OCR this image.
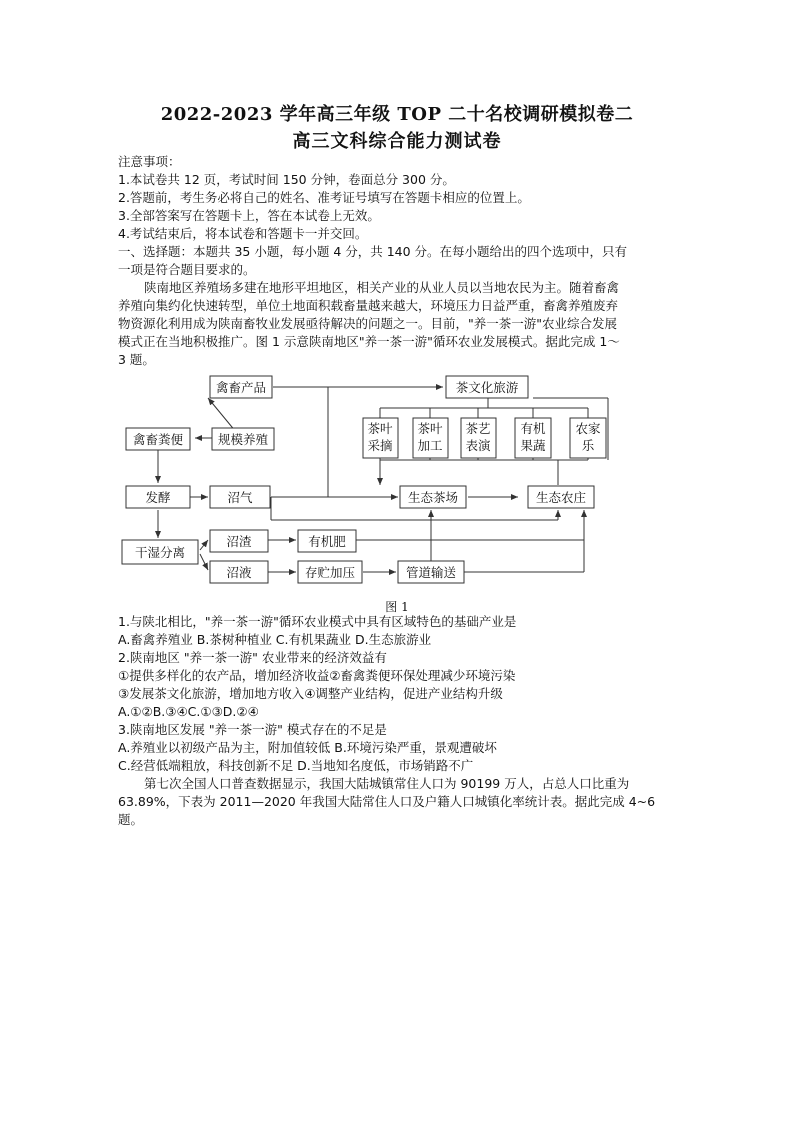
2022-2023 学年高三年级 TOP 二十名校调研模拟卷二
高三文科综合能力测试卷
注意事项：
1.本试卷共 12 页，考试时间 150 分钟，卷面总分 300 分。
2.答题前，考生务必将自己的姓名、准考证号填写在答题卡相应的位置上。
3.全部答案写在答题卡上，答在本试卷上无效。
4.考试结束后，将本试卷和答题卡一并交回。
一、选择题：本题共 35 小题，每小题 4 分，共 140 分。在每小题给出的四个选项中，只有
一项是符合题目要求的。
陕南地区养殖场多建在地形平坦地区，相关产业的从业人员以当地农民为主。随着畜禽
养殖向集约化快速转型，单位土地面积载畜量越来越大，环境压力日益严重，畜禽养殖废弃
物资源化利用成为陕南畜牧业发展亟待解决的问题之一。目前，"养一茶一游"农业综合发展
模式正在当地积极推广。图 1 示意陕南地区"养一茶一游"循环农业发展模式。据此完成 1～
3 题。
禽畜产品	茶文化旅游
禽畜粪便	规模养殖
茶叶
采摘
茶叶
加工
茶艺
表演
有机
果蔬
农家
乐
发酵	沼气	生态茶场	生态农庄
干湿分离
沼渣	有机肥
沼液	存贮加压	管道输送
图 1
1.与陕北相比，"养一茶一游"循环农业模式中具有区域特色的基础产业是
A.畜禽养殖业 B.茶树种植业 C.有机果蔬业 D.生态旅游业
2.陕南地区 "养一茶一游" 农业带来的经济效益有
①提供多样化的农产品，增加经济收益②畜禽粪便环保处理减少环境污染
③发展茶文化旅游，增加地方收入④调整产业结构，促进产业结构升级
A.①②B.③④C.①③D.②④
3.陕南地区发展 "养一茶一游" 模式存在的不足是
A.养殖业以初级产品为主，附加值较低 B.环境污染严重，景观遭破坏
C.经营低端粗放，科技创新不足 D.当地知名度低，市场销路不广
第七次全国人口普查数据显示，我国大陆城镇常住人口为 90199 万人，占总人口比重为
63.89%，下表为 2011—2020 年我国大陆常住人口及户籍人口城镇化率统计表。据此完成 4~6
题。
